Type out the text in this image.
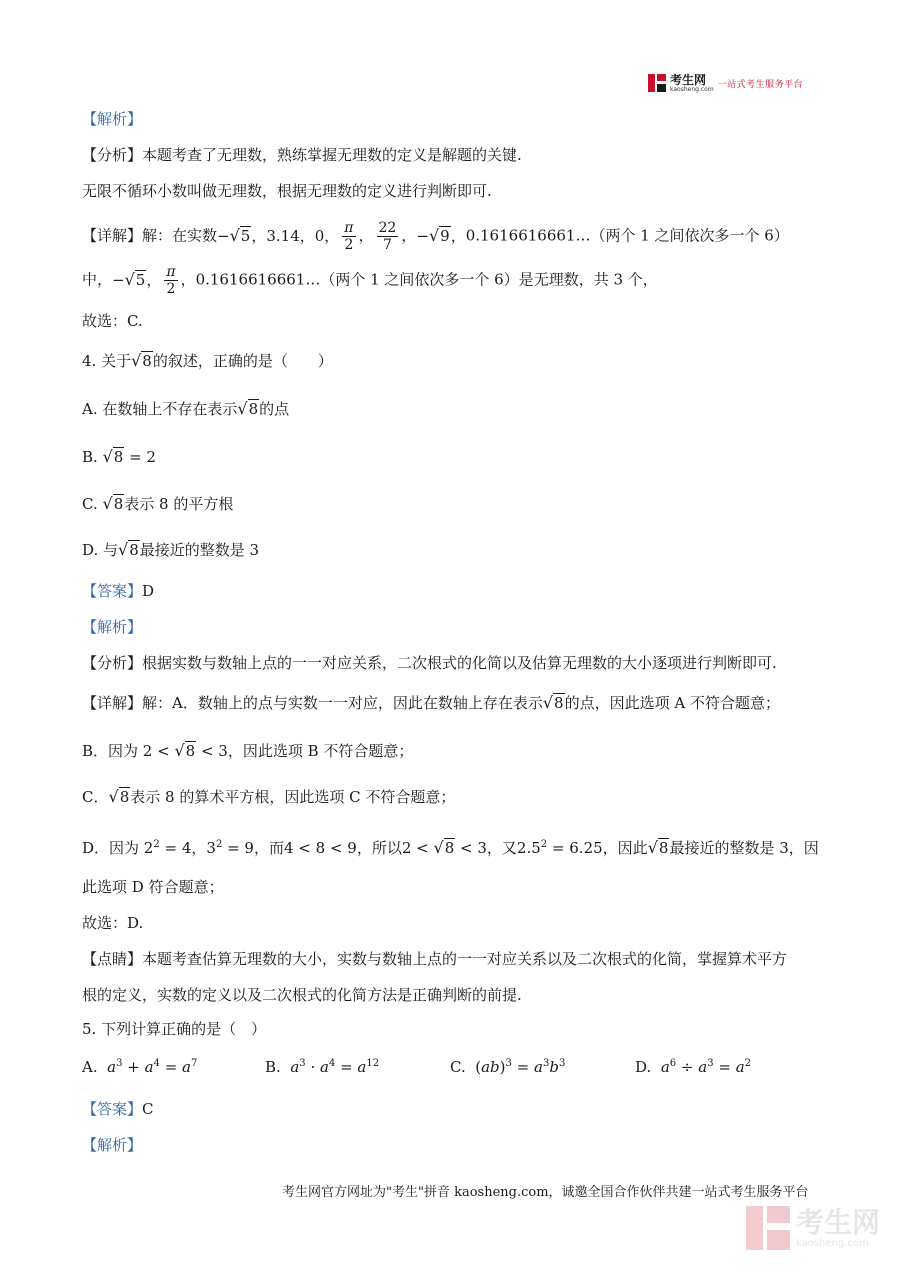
考生网
kaosheng.com 一站式考生服务平台
【解析】
【分析】本题考查了无理数，熟练掌握无理数的定义是解题的关键.
无限不循环小数叫做无理数，根据无理数的定义进行判断即可.
【详解】解：在实数−√5，3.14，0， $\frac{\pi}{2}$ ， $\frac{22}{7}$ ，−√9，0.1616616661…（两个 1 之间依次多一个 6）
中，−√5， $\frac{\pi}{2}$ ，0.1616616661…（两个 1 之间依次多一个 6）是无理数，共 3 个，
故选：C.
4. 关于√8的叙述，正确的是（　　）
A. 在数轴上不存在表示√8的点
B. √8 = 2
C. √8表示 8 的平方根
D. 与√8最接近的整数是 3
【答案】D
【解析】
【分析】根据实数与数轴上点的一一对应关系，二次根式的化简以及估算无理数的大小逐项进行判断即可.
【详解】解：A．数轴上的点与实数一一对应，因此在数轴上存在表示√8的点，因此选项 A 不符合题意；
B．因为 2 < √8 < 3，因此选项 B 不符合题意；
C．√8表示 8 的算术平方根，因此选项 C 不符合题意；
D．因为 $2^2 = 4$，$3^2 = 9$，而4 < 8 < 9，所以2 < √8 < 3，又$2.5^2 = 6.25$，因此√8最接近的整数是 3，因
此选项 D 符合题意；
故选：D.
【点睛】本题考查估算无理数的大小，实数与数轴上点的一一对应关系以及二次根式的化简，掌握算术平方
根的定义，实数的定义以及二次根式的化简方法是正确判断的前提.
5. 下列计算正确的是（　）
A. $a^3 + a^4 = a^7$	B. $a^3 \cdot a^4 = a^{12}$	C.  $(ab)^3 = a^3b^3$	D. $a^6 \div a^3 = a^2$
【答案】C
【解析】
考生网官方网址为"考生"拼音 kaosheng.com，诚邀全国合作伙伴共建一站式考生服务平台
考生网
kaosheng.com
